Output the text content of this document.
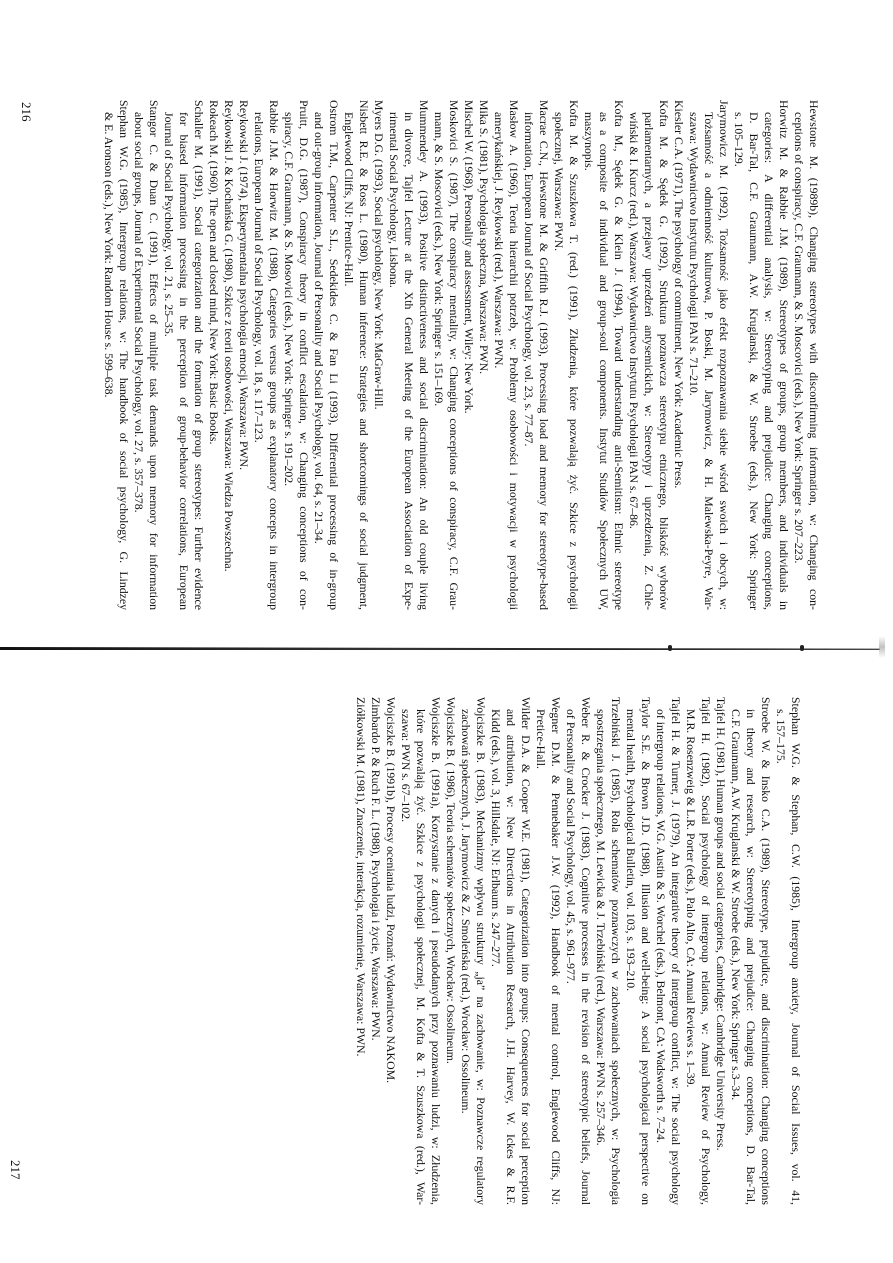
Hewstone M. (1989b), Changing stereotypes with disconfirming information, w: Changing con-
ceptions of conspiracy, C.F. Graumann, & S. Moscovici (eds.), New York: Springer s. 207–223.
Horwitz M. & Rabbie J.M. (1989), Stereotypes of groups, group members, and individuals in
categories: A differential analysis, w: Stereotyping and prejudice: Changing conceptions,
D. Bar-Tal, C.F. Graumann, A.W. Kruglanski, & W. Stroebe (eds.), New York: Springer
s. 105–129.
Jarymowicz M. (1992), Tożsamość jako efekt rozpoznawania siebie wśród swoich i obcych, w:
Tożsamość a odmienność kulturowa, P. Boski, M. Jarymowicz, & H. Malewska-Peyre, War-
szawa: Wydawnictwo Instytutu Psychologii PAN s. 71–210.
Kiesler C.A. (1971), The psychology of commitment, New York: Academic Press.
Kofta M. & Sędek G. (1992), Struktura poznawcza stereotypu etnicznego, bliskość wyborów
parlamentarnych, a przejawy uprzedzeń antysemickich, w: Stereotypy i uprzedzenia, Z. Chle-
wiński & I. Kurcz (red.), Warszawa: Wydawnictwo Instytutu Psychologii PAN s. 67–86.
Kofta M., Sędek G. & Klein J. (1994), Toward understanding anti-Semitism: Ethnic stereotype
as a composite of individual and group-soul components. Instytut Studiów Społecznych UW,
maszynopis.
Kofta M. & Szuszkowa T. (red.) (1991), Złudzenia, które pozwalają żyć. Szkice z psychologii
społecznej, Warszawa: PWN.
Macrae C.N., Hewstone M. & Griffith R.J. (1993), Processing load and memory for stereotype-based
information, European Journal of Social Psychology, vol. 23, s. 77–87.
Masłow A. (1966), Teoria hierarchii potrzeb, w: Problemy osobowości i motywacji w psychologii
amerykańskiej, J. Reykowski (red.), Warszawa: PWN.
Mika S. (1981), Psychologia społeczna, Warszawa: PWN.
Mischel W. (1968), Personality and assessment, Wiley: New York.
Moskovici S. (1987), The conspiracy mentality, w: Changing conceptions of conspiracy, C.F. Grau-
mann, & S. Moscovici (eds.), New York: Springer s. 151–169.
Mummendey A. (1993), Positive distinctiveness and social discrimination: An old couple living
in divorce, Tajfel Lecture at the Xth General Meeting of the European Association of Expe-
rimental Social Psychology, Lisbona.
Myers D.G. (1993), Social psychology, New York: MaGraw-Hill.
Nisbett R.E. & Ross L. (1980), Human inference: Strategies and shortcomings of social judgment,
Englewood Cliffs, NJ: Prentice-Hall.
Ostrom T.M., Carpenter S.L., Sedekides C. & Fan Li (1993), Differential processing of in-group
and out-group information, Journal of Personality and Social Psychology, vol. 64, s. 21–34.
Pruitt, D.G. (1987), Conspiracy theory in conflict escalation, w: Changing conceptions of con-
spiracy, C.F. Graumann, & S. Mosovici (eds.), New York: Springer s. 191–202.
Rabbie J.M. & Horwitz M. (1988), Categories versus groups as explanatory concepts in intergroup
relations, European Journal of Social Psychology, vol. 18, s. 117–123.
Reykowski J. (1974), Eksperymentalna psychologia emocji, Warszawa: PWN.
Reykowski J. & Kochańska G. (1980), Szkice z teorii osobowości, Warszawa: Wiedza Powszechna.
Rokeach M. (1960), The open and closed mind, New York: Basic Books.
Schaller M. (1991), Social categorization and the formation of group stereotypes: Further evidence
for biased information processing in the perception of group-behavior correlations, European
Journal of Social Psychology, vol. 21, s. 25–35.
Stangor C. & Duan C. (1991), Effects of multiple task demands upon memory for information
about social groups, Journal of Experimental Social Psychology, vol. 27, s. 357–378.
Stephan W.G. (1985), Intergroup relations, w: The handbook of social psychology, G. Lindzey
& E. Aronson (eds.), New York: Random House s. 599–638.
216
Stephan W.G. & Stephan, C.W. (1985), Intergroup anxiety, Journal of Social Issues, vol. 41,
s. 157–175.
Stroebe W. & Insko C.A. (1989), Stereotype, prejudice, and discrimination: Changing conceptions
in theory and research, w: Stereotyping and prejudice: Changing conceptions, D. Bar-Tal,
C.F. Graumann, A.W. Kruglanski & W. Stroebe (eds.), New York: Springer s.3–34.
Tajfel H. (1981), Human groups and social categories, Cambridge: Cambridge University Press.
Tajfel H. (1982), Social psychology of intergroup relations, w: Annual Review of Psychology,
M.R. Rosenzweig & L.R. Porter (eds.), Palo Alto, CA: Annual Reviews s. 1–39.
Tajfel H. & Turner, J. (1979), An integrative theory of intergroup conflict, w: The social psychology
of intergroup relations, W.G. Austin & S. Worchel (eds.), Belmont, CA: Wadsworth s. 7–24.
Taylor S.E. & Brown J.D. (1988), Illusion and well-being: A social psychological perspective on
mental health, Psychological Bulletin, vol. 103, s. 193–210.
Trzebiński J. (1985), Rola schematów poznawczych w zachowaniach społecznych, w: Psychologia
spostrzegania społecznego, M. Lewicka & J. Trzebiński (red.), Warszawa: PWN s. 257–346.
Weber R. & Crocker J. (1983), Cognitive processes in the revision of stereotypic beliefs, Journal
of Personality and Social Psychology, vol. 45, s. 961–977.
Wegner D.M. & Pennebaker J.W. (1992), Handbook of mental control, Englewood Cliffs, NJ:
Pretice-Hall.
Wilder D.A. & Cooper W.E. (1981), Categorization into groups: Consequences for social perception
and attribution, w: New Directions in Attribution Research, J.H. Harvey, W. Ickes & R.F.
Kidd (eds.), vol. 3, Hillsdale, NJ: Erlbaum s. 247–277.
Wojciszke B. (1983), Mechanizmy wpływu struktury „ja” na zachowanie, w: Poznawcze regulatory
zachowań społecznych, J. Jarymowicz & Z. Smoleńska (red.), Wrocław: Ossolineum.
Wojciszke B. ( 1986), Teoria schematów społecznych, Wrocław: Ossolineum.
Wojciszke B. (1991a), Korzystanie z danych i pseudodanych przy poznawaniu ludzi, w: Złudzenia,
które pozwalają żyć. Szkice z psychologii społecznej, M. Kofta & T. Szuszkowa (red.), War-
szawa: PWN s. 67–102.
Wojciszke B. (1991b), Procesy oceniania ludzi, Poznań: Wydawnictwo NAKOM.
Zimbardo P. & Ruch F. L. (1988), Psychologia i życie, Warszawa: PWN.
Ziółkowski M. (1981), Znaczenie, interakcja, rozumienie, Warszawa: PWN.
217
